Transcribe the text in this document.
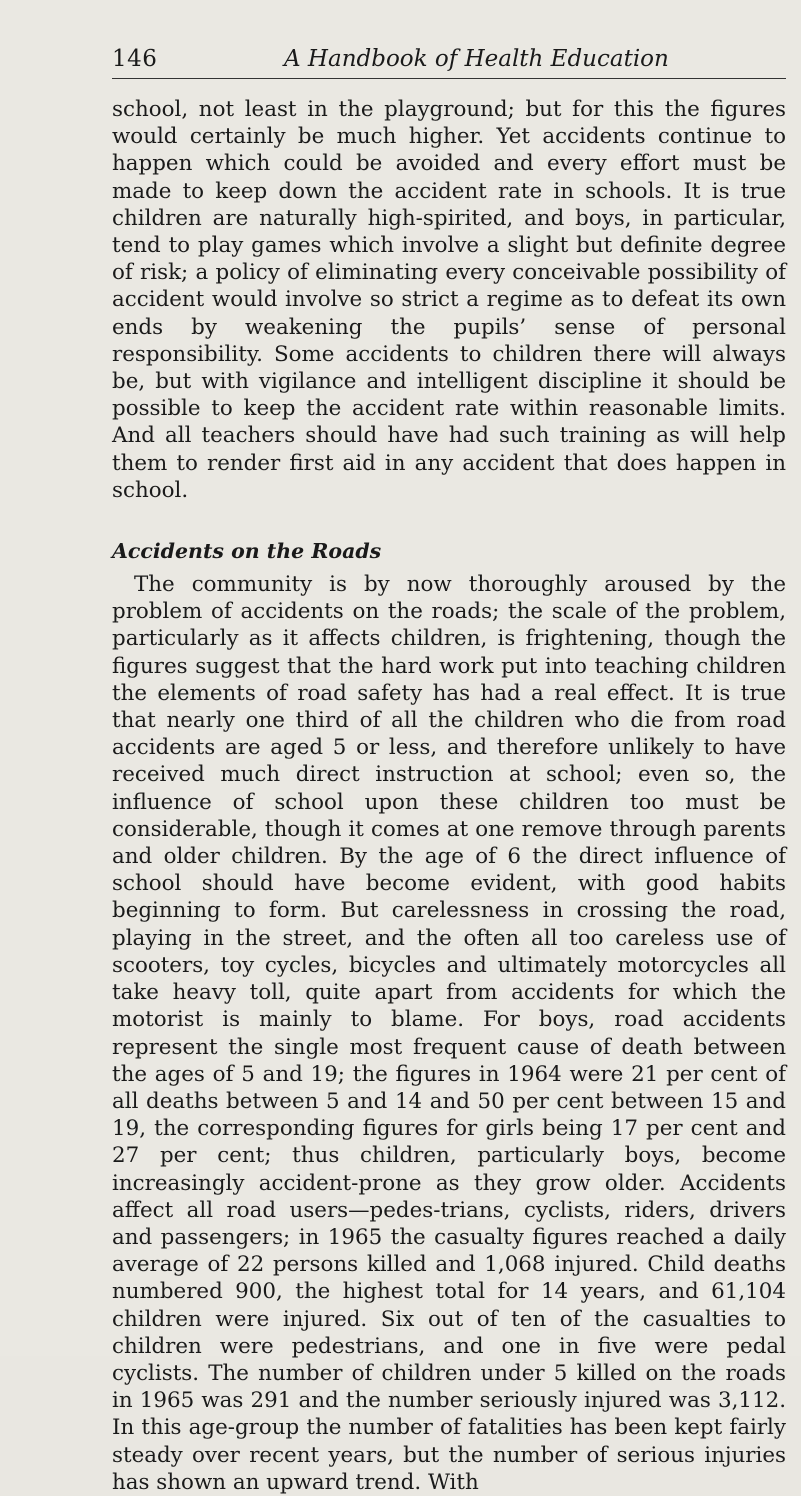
146	A Handbook of Health Education

school, not least in the playground; but for this the figures would certainly be much higher. Yet accidents continue to happen which could be avoided and every effort must be made to keep down the accident rate in schools. It is true children are naturally high-spirited, and boys, in particular, tend to play games which involve a slight but definite degree of risk; a policy of eliminating every conceivable possibility of accident would involve so strict a regime as to defeat its own ends by weakening the pupils’ sense of personal responsibility. Some accidents to children there will always be, but with vigilance and intelligent discipline it should be possible to keep the accident rate within reasonable limits. And all teachers should have had such training as will help them to render first aid in any accident that does happen in school.

Accidents on the Roads

The community is by now thoroughly aroused by the problem of accidents on the roads; the scale of the problem, particularly as it affects children, is frightening, though the figures suggest that the hard work put into teaching children the elements of road safety has had a real effect. It is true that nearly one third of all the children who die from road accidents are aged 5 or less, and therefore unlikely to have received much direct instruction at school; even so, the influence of school upon these children too must be considerable, though it comes at one remove through parents and older children. By the age of 6 the direct influence of school should have become evident, with good habits beginning to form. But carelessness in crossing the road, playing in the street, and the often all too careless use of scooters, toy cycles, bicycles and ultimately motorcycles all take heavy toll, quite apart from accidents for which the motorist is mainly to blame. For boys, road accidents represent the single most frequent cause of death between the ages of 5 and 19; the figures in 1964 were 21 per cent of all deaths between 5 and 14 and 50 per cent between 15 and 19, the corresponding figures for girls being 17 per cent and 27 per cent; thus children, particularly boys, become increasingly accident-prone as they grow older. Accidents affect all road users—pedes-trians, cyclists, riders, drivers and passengers; in 1965 the casualty figures reached a daily average of 22 persons killed and 1,068 injured. Child deaths numbered 900, the highest total for 14 years, and 61,104 children were injured. Six out of ten of the casualties to children were pedestrians, and one in five were pedal cyclists. The number of children under 5 killed on the roads in 1965 was 291 and the number seriously injured was 3,112. In this age-group the number of fatalities has been kept fairly steady over recent years, but the number of serious injuries has shown an upward trend. With
